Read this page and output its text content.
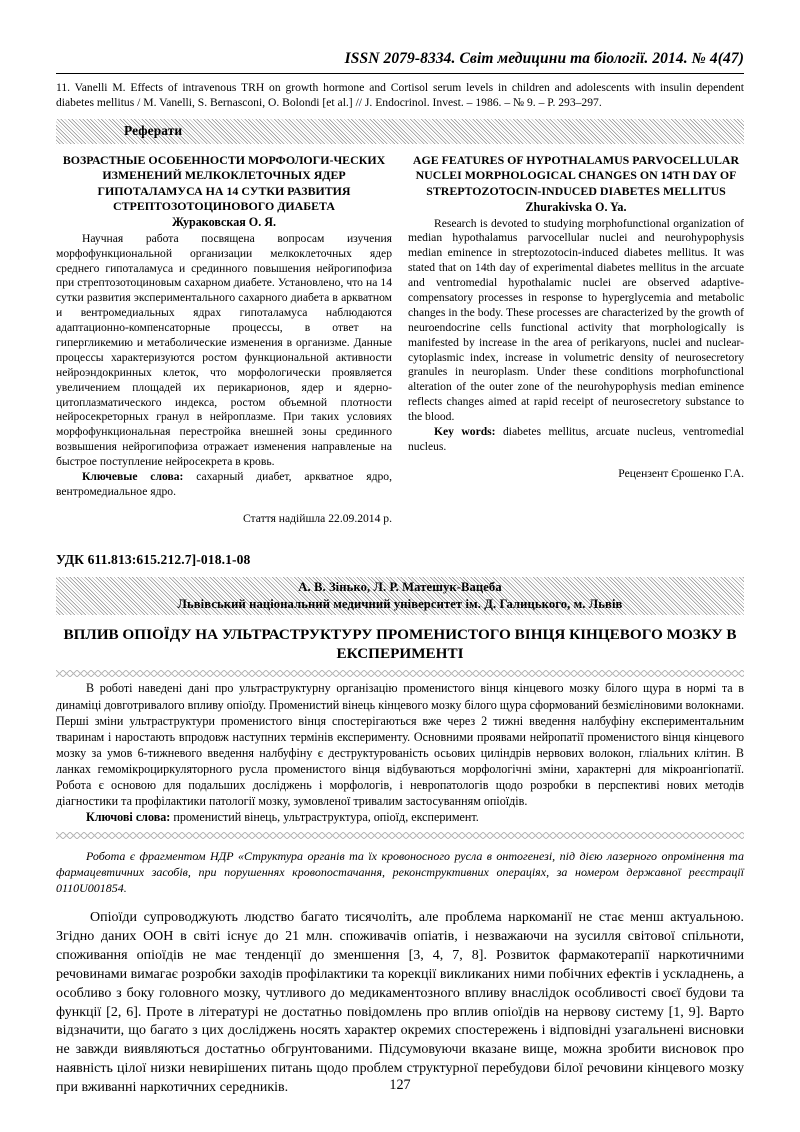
ISSN 2079-8334. Світ медицини та біології. 2014. № 4(47)
11. Vanelli M. Effects of intravenous TRH on growth hormone and Cortisol serum levels in children and adolescents with insulin dependent diabetes mellitus / M. Vanelli, S. Bernasconi, O. Bolondi [et al.] // J. Endocrinol. Invest. – 1986. – № 9. – P. 293–297.
Реферати
ВОЗРАСТНЫЕ ОСОБЕННОСТИ МОРФОЛОГИ-ЧЕСКИХ ИЗМЕНЕНИЙ МЕЛКОКЛЕТОЧНЫХ ЯДЕР ГИПОТАЛАМУСА НА 14 СУТКИ РАЗВИТИЯ СТРЕПТОЗОТОЦИНОВОГО ДИАБЕТА
Жураковская О. Я.
Научная работа посвящена вопросам изучения морфофункциональной организации мелкоклеточных ядер среднего гипоталамуса и срединного повышения нейрогипофиза при стрептозотоциновым сахарном диабете. Установлено, что на 14 сутки развития экспериментального сахарного диабета в аркватном и вентромедиальных ядрах гипоталамуса наблюдаются адаптационно-компенсаторные процессы, в ответ на гипергликемию и метаболические изменения в организме. Данные процессы характеризуются ростом функциональной активности нейроэндокринных клеток, что морфологически проявляется увеличением площадей их перикарионов, ядер и ядерно-цитоплазматического индекса, ростом объемной плотности нейросекреторных гранул в нейроплазме. При таких условиях морфофункциональная перестройка внешней зоны срединного возвышения нейрогипофиза отражает изменения направленые на быстрое поступление нейросекрета в кровь.
Ключевые слова: сахарный диабет, аркватное ядро, вентромедиальное ядро.
Стаття надійшла 22.09.2014 р.
AGE FEATURES OF HYPOTHALAMUS PARVOCELLULAR NUCLEI MORPHOLOGICAL CHANGES ON 14TH DAY OF STREPTOZOTOCIN-INDUCED DIABETES MELLITUS
Zhurakivska O. Ya.
Research is devoted to studying morphofunctional organization of median hypothalamus parvocellular nuclei and neurohypophysis median eminence in streptozotocin-induced diabetes mellitus. It was stated that on 14th day of experimental diabetes mellitus in the arcuate and ventromedial hypothalamic nuclei are observed adaptive-compensatory processes in response to hyperglycemia and metabolic changes in the body. These processes are characterized by the growth of neuroendocrine cells functional activity that morphologically is manifested by increase in the area of perikaryons, nuclei and nuclear-cytoplasmic index, increase in volumetric density of neurosecretory granules in neuroplasm. Under these conditions morphofunctional alteration of the outer zone of the neurohypophysis median eminence reflects changes aimed at rapid receipt of neurosecretory substance to the blood.
Key words: diabetes mellitus, arcuate nucleus, ventromedial nucleus.
Рецензент Єрошенко Г.А.
УДК 611.813:615.212.7]-018.1-08
А. В. Зінько, Л. Р. Матешук-Вацеба
Львівський національний медичний університет ім. Д. Галицького, м. Львів
ВПЛИВ ОПІОЇДУ НА УЛЬТРАСТРУКТУРУ ПРОМЕНИСТОГО ВІНЦЯ КІНЦЕВОГО МОЗКУ В ЕКСПЕРИМЕНТІ
В роботі наведені дані про ультраструктурну організацію променистого вінця кінцевого мозку білого щура в нормі та в динаміці довготривалого впливу опіоїду. Променистий вінець кінцевого мозку білого щура сформований безмієліновими волокнами. Перші зміни ультраструктури променистого вінця спостерігаються вже через 2 тижні введення налбуфіну експериментальним тваринам і наростають впродовж наступних термінів експерименту. Основними проявами нейропатії променистого вінця кінцевого мозку за умов 6-тижневого введення налбуфіну є деструктурованість осьових циліндрів нервових волокон, гліальних клітин. В ланках гемомікроциркуляторного русла променистого вінця відбуваються морфологічні зміни, характерні для мікроангіопатії. Робота є основою для подальших досліджень і морфологів, і невропатологів щодо розробки в перспективі нових методів діагностики та профілактики патології мозку, зумовленої тривалим застосуванням опіоїдів.
Ключові слова: променистий вінець, ультраструктура, опіоїд, експеримент.
Робота є фрагментом НДР «Структура органів та їх кровоносного русла в онтогенезі, під дією лазерного опромінення та фармацевтичних засобів, при порушеннях кровопостачання, реконструктивних операціях, за номером державної реєстрації 0110U001854.
Опіоїди супроводжують людство багато тисячоліть, але проблема наркоманії не стає менш актуальною. Згідно даних ООН в світі існує до 21 млн. споживачів опіатів, і незважаючи на зусилля світової спільноти, споживання опіоїдів не має тенденції до зменшення [3, 4, 7, 8]. Розвиток фармакотерапії наркотичними речовинами вимагає розробки заходів профілактики та корекції викликаних ними побічних ефектів і ускладнень, а особливо з боку головного мозку, чутливого до медикаментозного впливу внаслідок особливості своєї будови та функції [2, 6]. Проте в літературі не достатньо повідомлень про вплив опіоїдів на нервову систему [1, 9]. Варто відзначити, що багато з цих досліджень носять характер окремих спостережень і відповідні узагальнені висновки не завжди виявляються достатньо обгрунтованими. Підсумовуючи вказане вище, можна зробити висновок про наявність цілої низки невирішених питань щодо проблем структурної перебудови білої речовини кінцевого мозку при вживанні наркотичних середників.	127
